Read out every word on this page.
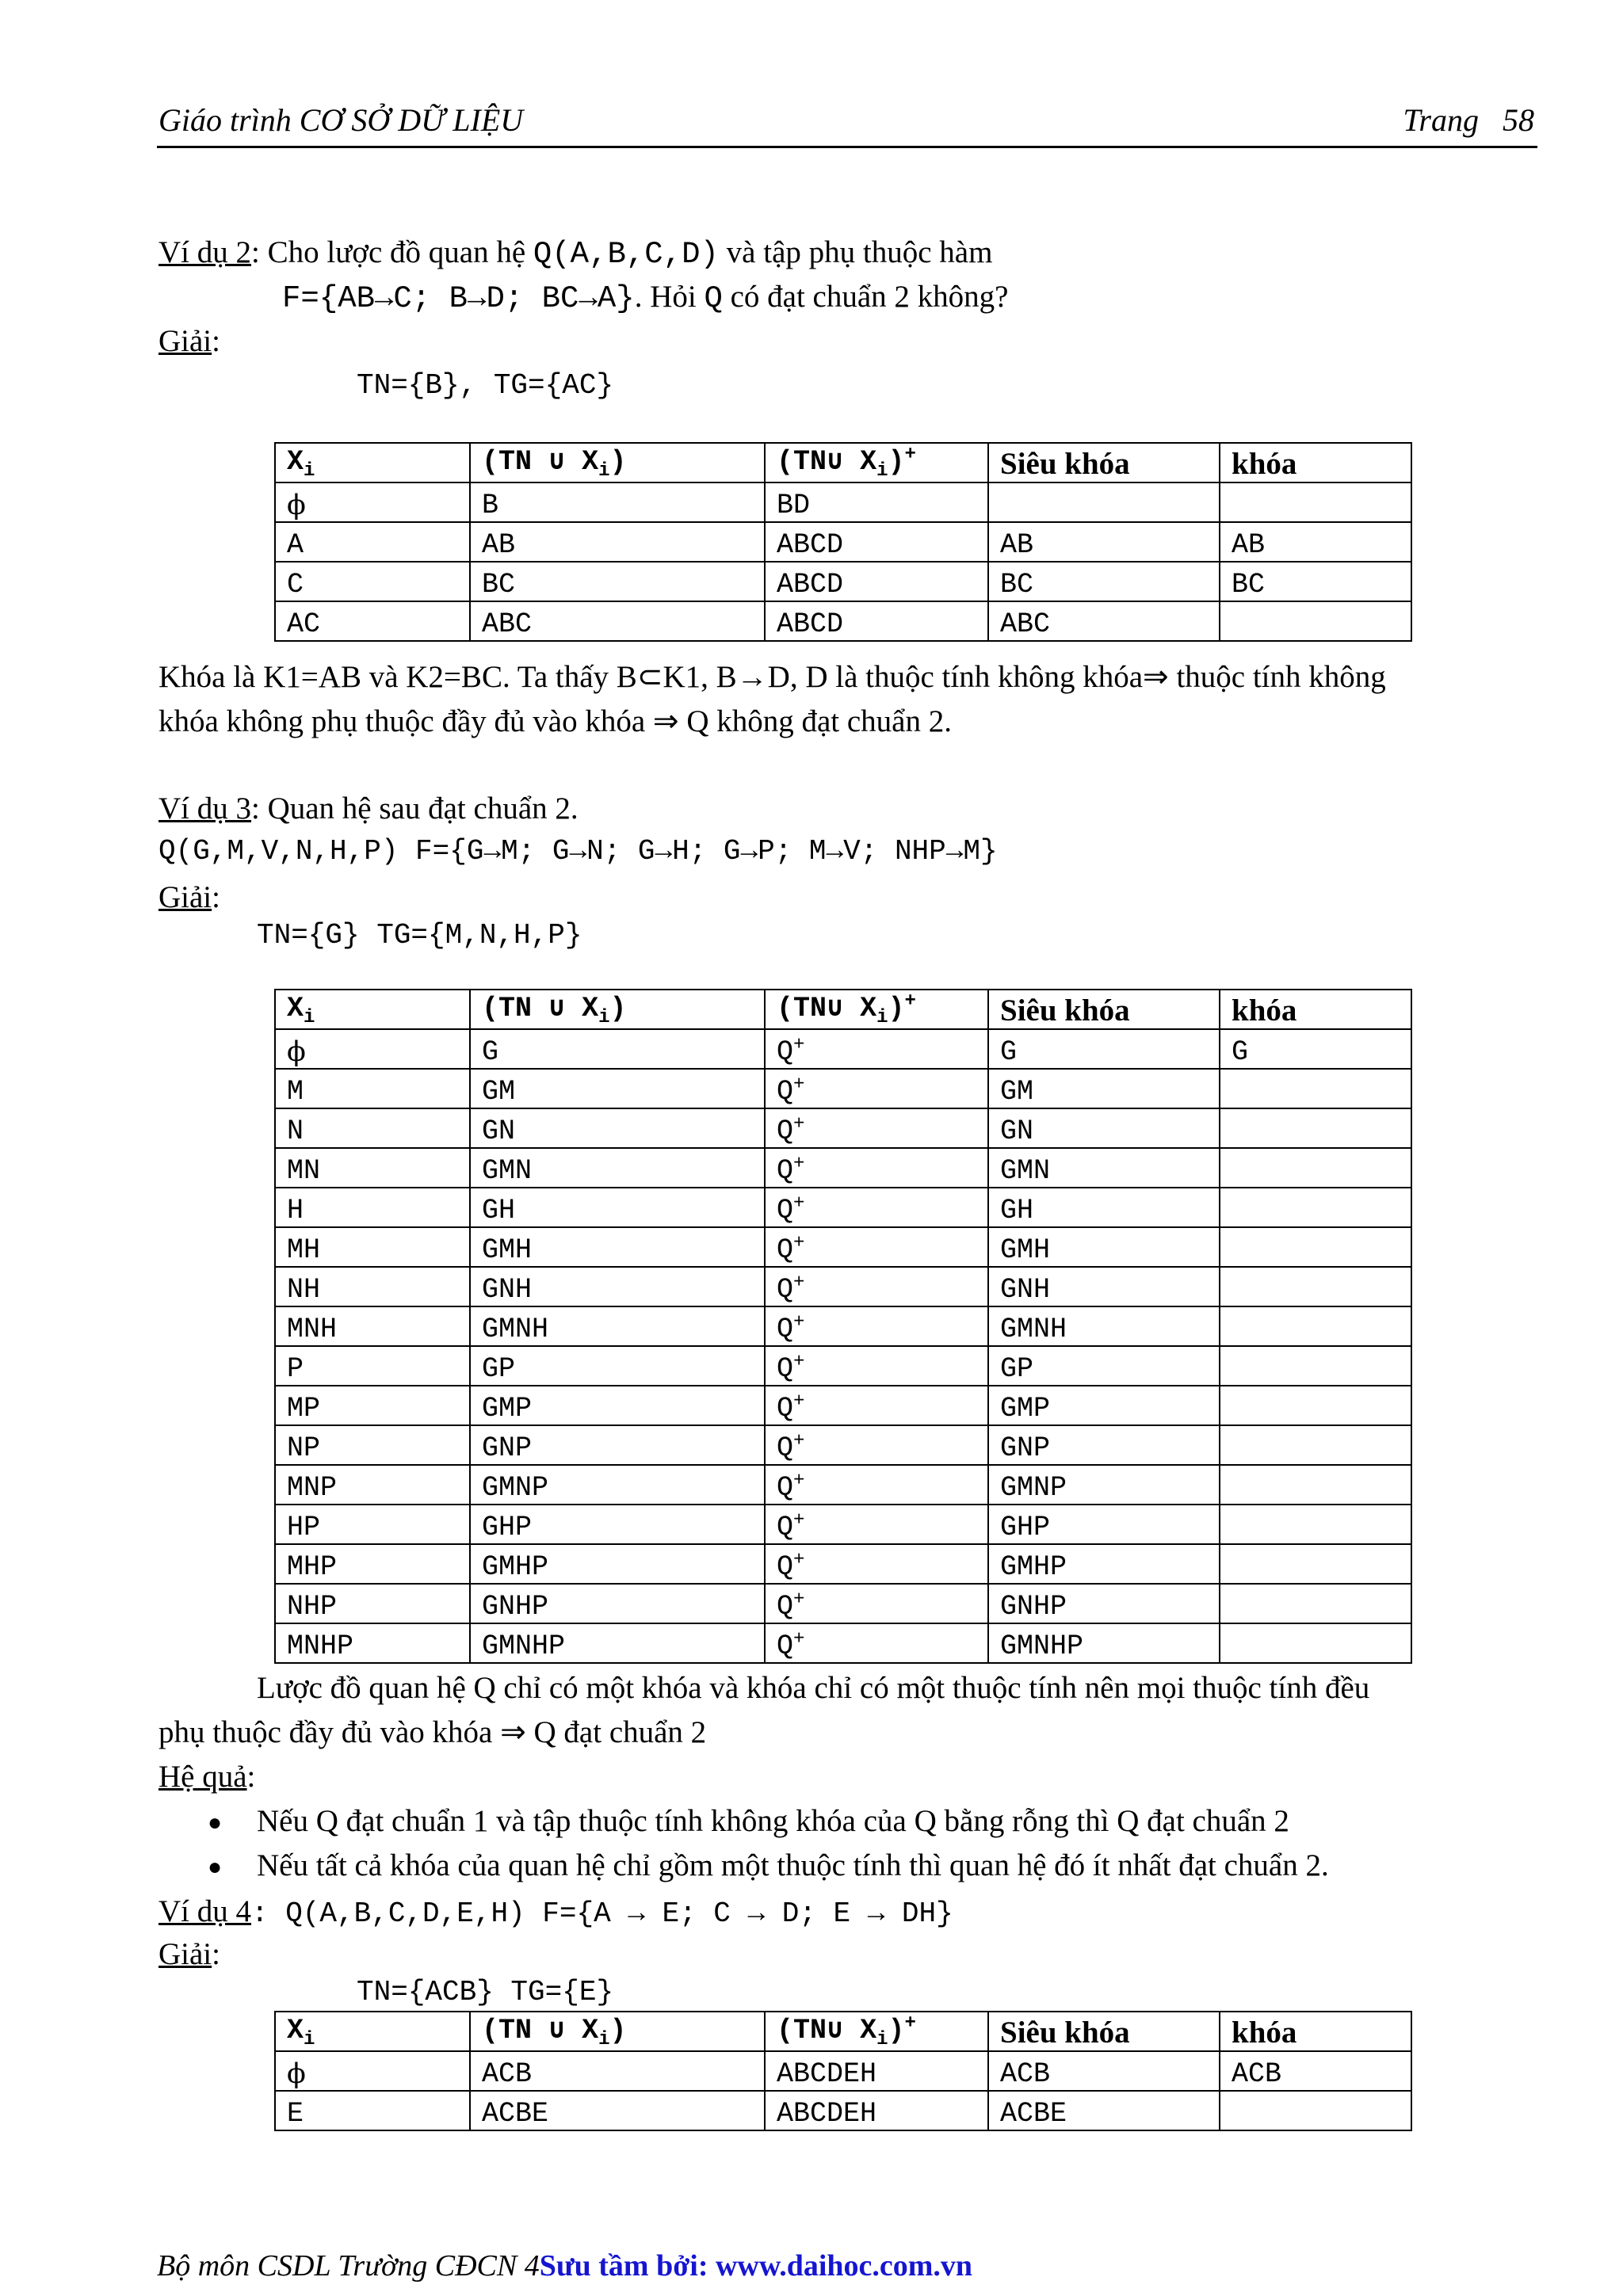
Giáo trình CƠ SỞ DỮ LIỆU	Trang   58
Ví dụ 2: Cho lược đồ quan hệ Q(A,B,C,D) và tập phụ thuộc hàm
F={AB→C; B→D; BC→A}. Hỏi Q có đạt chuẩn 2 không?
Giải:
TN={B}, TG={AC}
$X_i$	(TN ∪ $X_i$)	(TN∪ $X_i)^+$	Siêu khóa	khóa
ϕ	B	BD		
A	AB	ABCD	AB	AB
C	BC	ABCD	BC	BC
AC	ABC	ABCD	ABC	
Khóa là K1=AB và K2=BC. Ta thấy B⊂K1, B→D, D là thuộc tính không khóa⇒ thuộc tính không
khóa không phụ thuộc đầy đủ vào khóa ⇒ Q không đạt chuẩn 2.
Ví dụ 3: Quan hệ sau đạt chuẩn 2.
Q(G,M,V,N,H,P) F={G→M; G→N; G→H; G→P; M→V; NHP→M}
Giải:
TN={G} TG={M,N,H,P}
$X_i$	(TN ∪ $X_i$)	(TN∪ $X_i)^+$	Siêu khóa	khóa
ϕ	G	Q+	G	G
M	GM	Q+	GM	
N	GN	Q+	GN	
MN	GMN	Q+	GMN	
H	GH	Q+	GH	
MH	GMH	Q+	GMH	
NH	GNH	Q+	GNH	
MNH	GMNH	Q+	GMNH	
P	GP	Q+	GP	
MP	GMP	Q+	GMP	
NP	GNP	Q+	GNP	
MNP	GMNP	Q+	GMNP	
HP	GHP	Q+	GHP	
MHP	GMHP	Q+	GMHP	
NHP	GNHP	Q+	GNHP	
MNHP	GMNHP	Q+	GMNHP	
Lược đồ quan hệ Q chỉ có một khóa và khóa chỉ có một thuộc tính nên mọi thuộc tính đều
phụ thuộc đầy đủ vào khóa ⇒ Q đạt chuẩn 2
Hệ quả:
● Nếu Q đạt chuẩn 1 và tập thuộc tính không khóa của Q bằng rỗng thì Q đạt chuẩn 2
● Nếu tất cả khóa của quan hệ chỉ gồm một thuộc tính thì quan hệ đó ít nhất đạt chuẩn 2.
Ví dụ 4: Q(A,B,C,D,E,H) F={A → E; C → D; E → DH}
Giải:
TN={ACB} TG={E}
$X_i$	(TN ∪ $X_i$)	(TN∪ $X_i)^+$	Siêu khóa	khóa
ϕ	ACB	ABCDEH	ACB	ACB
E	ACBE	ABCDEH	ACBE	
Bộ môn CSDL Trường CĐCN 4Sưu tầm bởi: www.daihoc.com.vn
